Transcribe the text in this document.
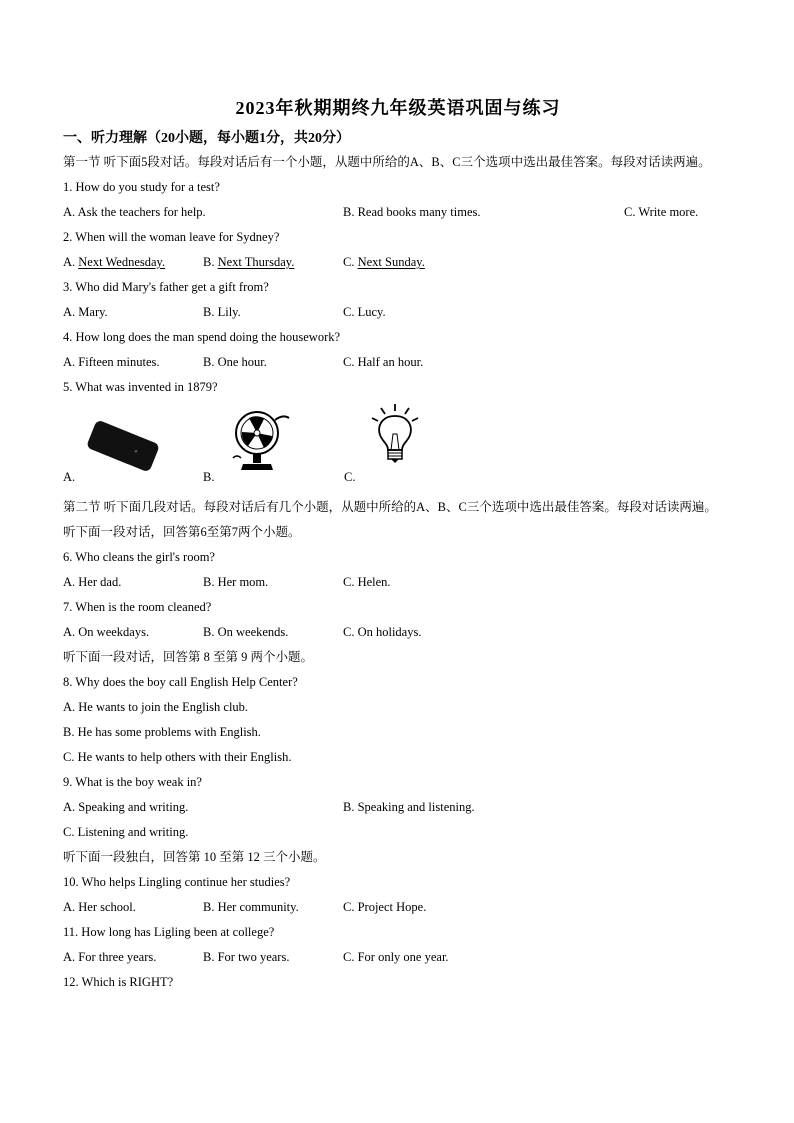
2023年秋期期终九年级英语巩固与练习

一、听力理解（20小题，每小题1分，共20分）

第一节 听下面5段对话。每段对话后有一个小题，从题中所给的A、B、C三个选项中选出最佳答案。每段对话读两遍。

1. How do you study for a test?

A. Ask the teachers for help.	B. Read books many times.	C. Write more.

2. When will the woman leave for Sydney?

A. Next Wednesday.	B. Next Thursday.	C. Next Sunday.

3. Who did Mary's father get a gift from?

A. Mary.	B. Lily.	C. Lucy.

4. How long does the man spend doing the housework?

A. Fifteen minutes.	B. One hour.	C. Half an hour.

5. What was invented in 1879?

A.	B.	C.

第二节 听下面几段对话。每段对话后有几个小题，从题中所给的A、B、C三个选项中选出最佳答案。每段对话读两遍。

听下面一段对话，回答第6至第7两个小题。

6. Who cleans the girl's room?

A. Her dad.	B. Her mom.	C. Helen.

7. When is the room cleaned?

A. On weekdays.	B. On weekends.	C. On holidays.

听下面一段对话，回答第 8 至第 9 两个小题。

8. Why does the boy call English Help Center?

A. He wants to join the English club.

B. He has some problems with English.

C. He wants to help others with their English.

9. What is the boy weak in?

A. Speaking and writing.	B. Speaking and listening.

C. Listening and writing.

听下面一段独白，回答第 10 至第 12 三个小题。

10. Who helps Lingling continue her studies?

A. Her school.	B. Her community.	C. Project Hope.

11. How long has Ligling been at college?

A. For three years.	B. For two years.	C. For only one year.

12. Which is RIGHT?
